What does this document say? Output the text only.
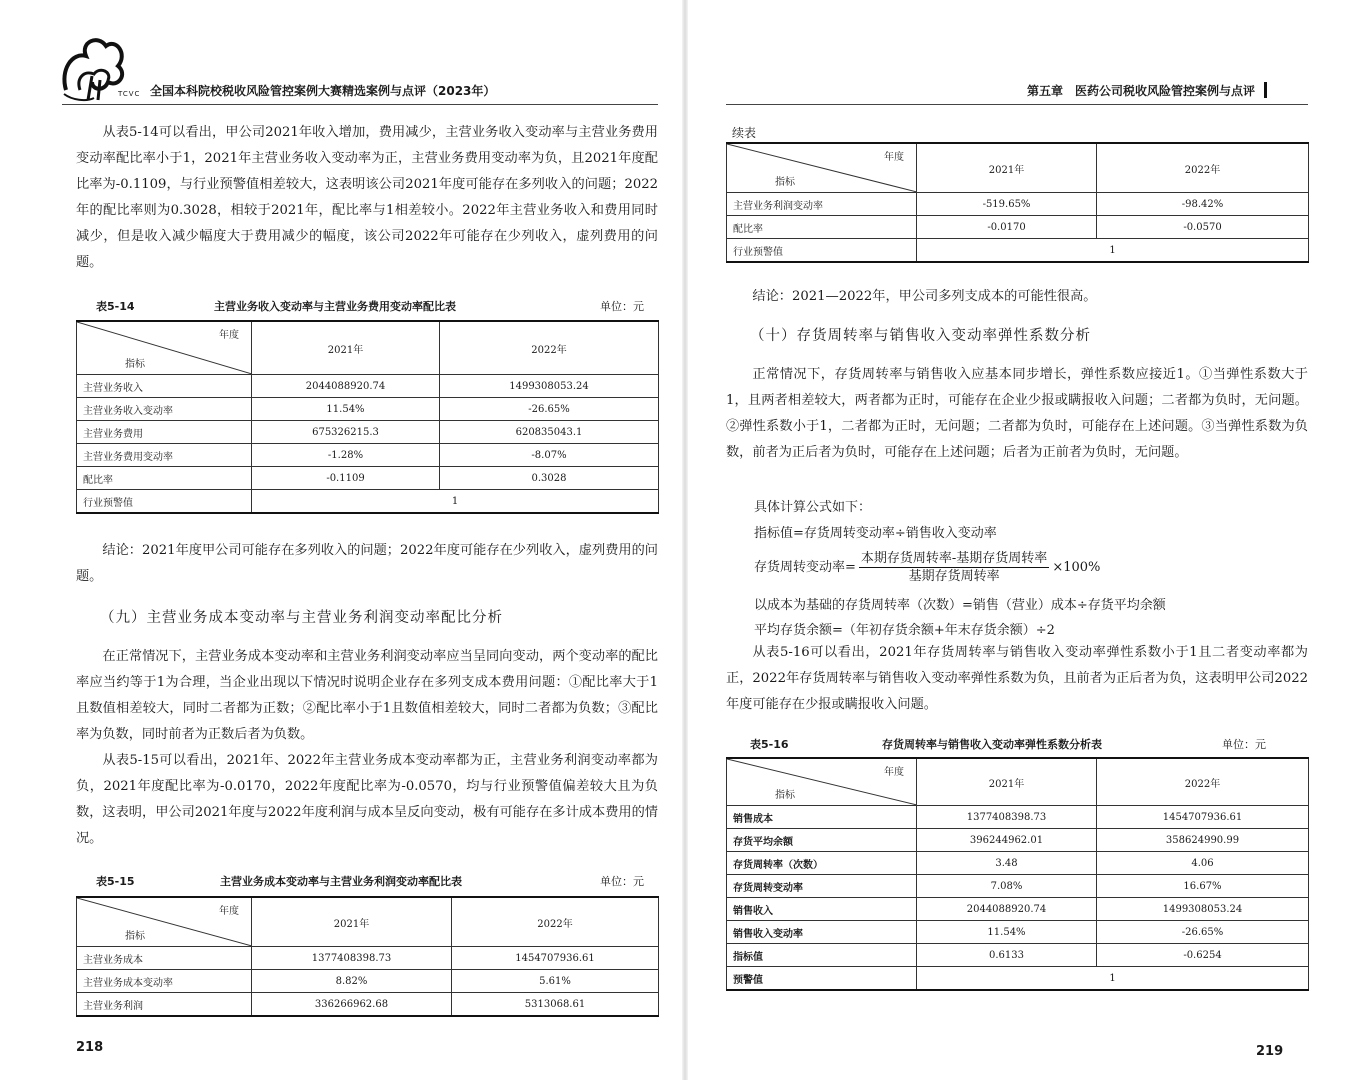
TCVC 全国本科院校税收风险管控案例大赛精选案例与点评（2023年）

从表5-14可以看出，甲公司2021年收入增加，费用减少，主营业务收入变动率与主营业务费用变动率配比率小于1，2021年主营业务收入变动率为正，主营业务费用变动率为负，且2021年度配比率为-0.1109，与行业预警值相差较大，这表明该公司2021年度可能存在多列收入的问题；2022年的配比率则为0.3028，相较于2021年，配比率与1相差较小。2022年主营业务收入和费用同时减少，但是收入减少幅度大于费用减少的幅度，该公司2022年可能存在少列收入，虚列费用的问题。

表5-14	主营业务收入变动率与主营业务费用变动率配比表	单位：元
年度
指标	2021年	2022年
主营业务收入	2044088920.74	1499308053.24
主营业务收入变动率	11.54%	-26.65%
主营业务费用	675326215.3	620835043.1
主营业务费用变动率	-1.28%	-8.07%
配比率	-0.1109	0.3028
行业预警值	1	

结论：2021年度甲公司可能存在多列收入的问题；2022年度可能存在少列收入，虚列费用的问题。

（九）主营业务成本变动率与主营业务利润变动率配比分析

在正常情况下，主营业务成本变动率和主营业务利润变动率应当呈同向变动，两个变动率的配比率应当约等于1为合理，当企业出现以下情况时说明企业存在多列支成本费用问题：①配比率大于1且数值相差较大，同时二者都为正数；②配比率小于1且数值相差较大，同时二者都为负数；③配比率为负数，同时前者为正数后者为负数。

从表5-15可以看出，2021年、2022年主营业务成本变动率都为正，主营业务利润变动率都为负，2021年度配比率为-0.0170，2022年度配比率为-0.0570，均与行业预警值偏差较大且为负数，这表明，甲公司2021年度与2022年度利润与成本呈反向变动，极有可能存在多计成本费用的情况。

表5-15	主营业务成本变动率与主营业务利润变动率配比表	单位：元
年度
指标	2021年	2022年
主营业务成本	1377408398.73	1454707936.61
主营业务成本变动率	8.82%	5.61%
主营业务利润	336266962.68	5313068.61
218
第五章　医药公司税收风险管控案例与点评
续表
年度
指标	2021年	2022年
主营业务利润变动率	-519.65%	-98.42%
配比率	-0.0170	-0.0570
行业预警值	1	

结论：2021—2022年，甲公司多列支成本的可能性很高。

（十）存货周转率与销售收入变动率弹性系数分析

正常情况下，存货周转率与销售收入应基本同步增长，弹性系数应接近1。①当弹性系数大于1，且两者相差较大，两者都为正时，可能存在企业少报或瞒报收入问题；二者都为负时，无问题。②弹性系数小于1，二者都为正时，无问题；二者都为负时，可能存在上述问题。③当弹性系数为负数，前者为正后者为负时，可能存在上述问题；后者为正前者为负时，无问题。

具体计算公式如下：
指标值=存货周转变动率÷销售收入变动率
存货周转变动率= $\frac{\text{本期存货周转率-基期存货周转率}}{\text{基期存货周转率}} \times 100\%$
以成本为基础的存货周转率（次数）=销售（营业）成本÷存货平均余额
平均存货余额=（年初存货余额+年末存货余额）÷2

从表5-16可以看出，2021年存货周转率与销售收入变动率弹性系数小于1且二者变动率都为正，2022年存货周转率与销售收入变动率弹性系数为负，且前者为正后者为负，这表明甲公司2022年度可能存在少报或瞒报收入问题。

表5-16	存货周转率与销售收入变动率弹性系数分析表	单位：元
年度
指标	2021年	2022年
销售成本	1377408398.73	1454707936.61
存货平均余额	396244962.01	358624990.99
存货周转率（次数）	3.48	4.06
存货周转变动率	7.08%	16.67%
销售收入	2044088920.74	1499308053.24
销售收入变动率	11.54%	-26.65%
指标值	0.6133	-0.6254
预警值	1	
219
